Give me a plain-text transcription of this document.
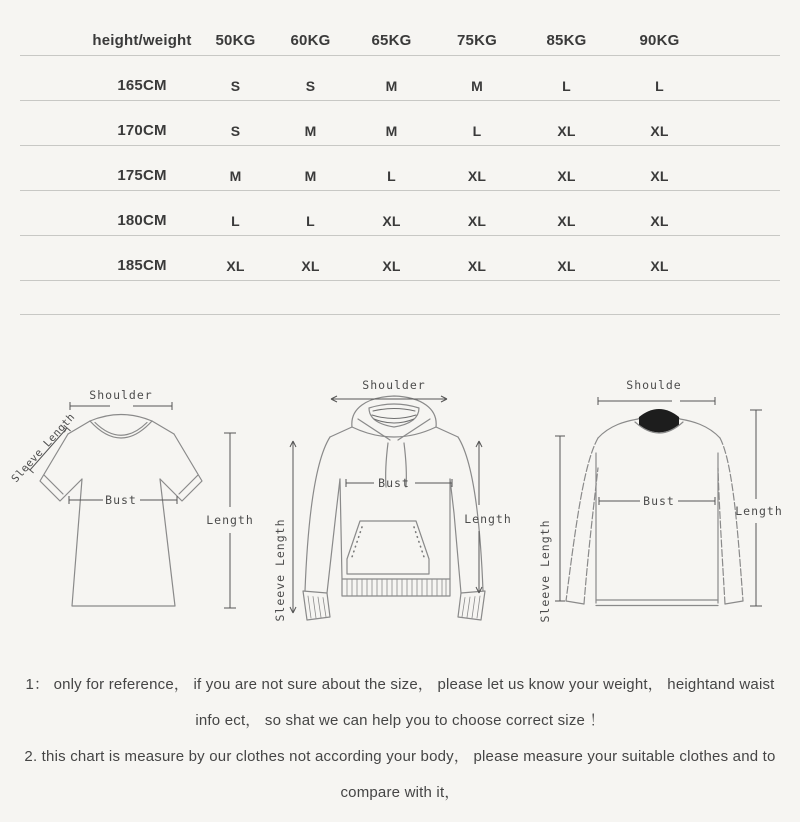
height/weight	50KG	60KG	65KG	75KG	85KG	90KG
165CM	S	S	M	M	L	L
170CM	S	M	M	L	XL	XL
175CM	M	M	L	XL	XL	XL
180CM	L	L	XL	XL	XL	XL
185CM	XL	XL	XL	XL	XL	XL
Shoulder
Sleeve Length
Bust
Length
Shoulder
Sleeve Length
Bust
Length
Shoulde
Sleeve Length
Bust
Length
1： only for reference， if you are not sure about the size， please let us know your weight， heightand waist
info ect， so shat we can help you to choose correct size ！
2. this chart is measure by our clothes not according your body， please measure your suitable clothes and to
compare with it，
